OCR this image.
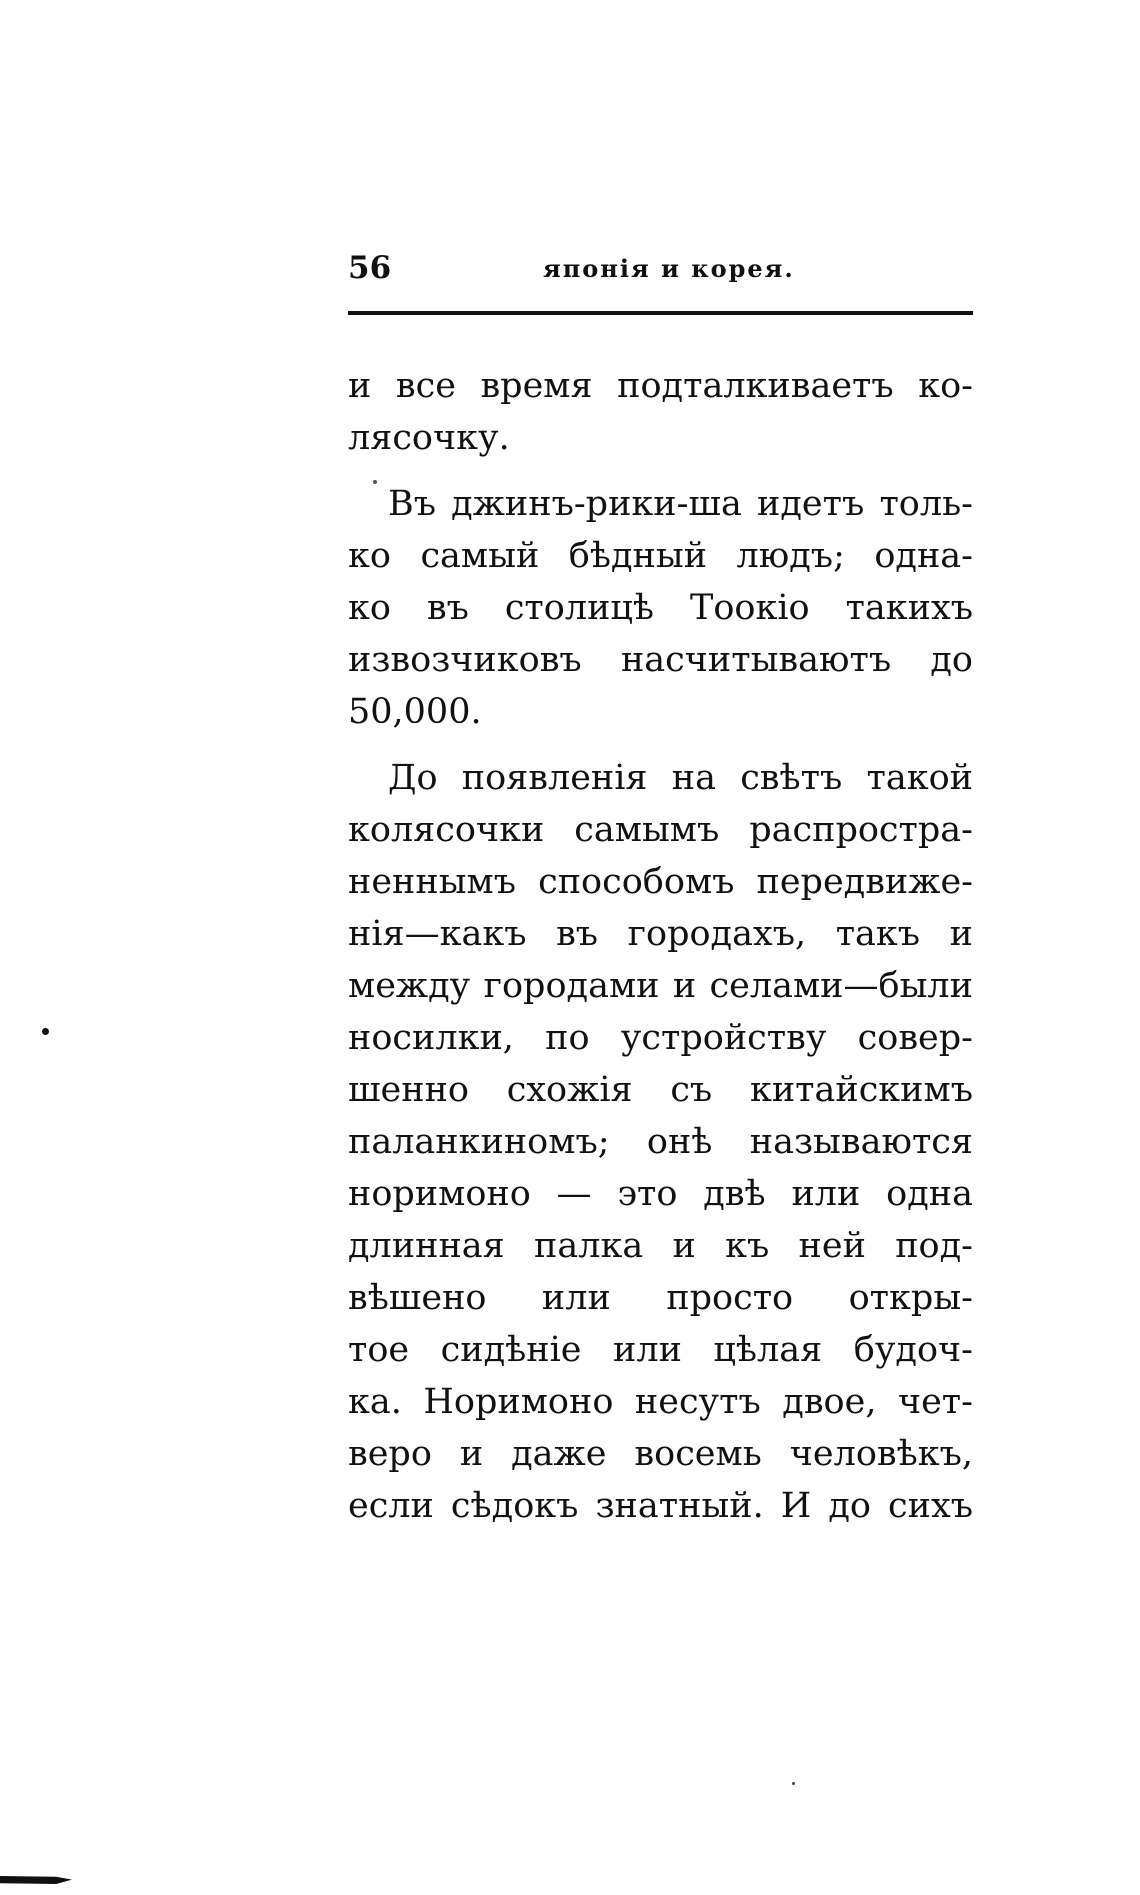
56	японія и корея.
и все время подталкиваетъ ко-
лясочку.
Въ джинъ-рики-ша идетъ толь-
ко самый бѣдный людъ; одна-
ко въ столицѣ Тоокіо такихъ
извозчиковъ насчитываютъ до
50,000.
До появленія на свѣтъ такой
колясочки самымъ распростра-
неннымъ способомъ передвиже-
нія—какъ въ городахъ, такъ и
между городами и селами—были
носилки, по устройству совер-
шенно схожія съ китайскимъ
паланкиномъ; онѣ называются
норимоно — это двѣ или одна
длинная палка и къ ней под-
вѣшено или просто откры-
тое сидѣніе или цѣлая будоч-
ка. Норимоно несутъ двое, чет-
веро и даже восемь человѣкъ,
если сѣдокъ знатный. И до сихъ
